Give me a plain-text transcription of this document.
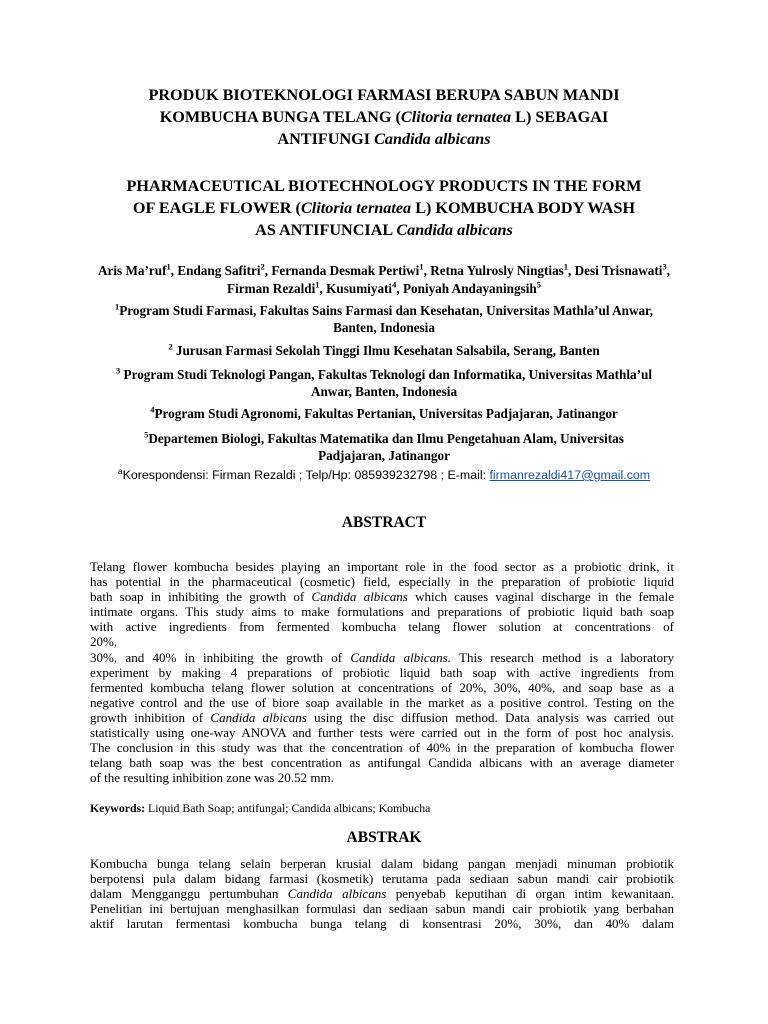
PRODUK BIOTEKNOLOGI FARMASI BERUPA SABUN MANDI
KOMBUCHA BUNGA TELANG (Clitoria ternatea L) SEBAGAI
ANTIFUNGI Candida albicans
PHARMACEUTICAL BIOTECHNOLOGY PRODUCTS IN THE FORM
OF EAGLE FLOWER (Clitoria ternatea L) KOMBUCHA BODY WASH
AS ANTIFUNCIAL Candida albicans
Aris Ma’ruf$^1$, Endang Safitri$^2$, Fernanda Desmak Pertiwi$^1$, Retna Yulrosly Ningtias$^1$, Desi Trisnawati$^3$, Firman Rezaldi$^1$, Kusumiyati$^4$, Poniyah Andayaningsih$^5$
$^1$Program Studi Farmasi, Fakultas Sains Farmasi dan Kesehatan, Universitas Mathla’ul Anwar,
Banten, Indonesia
$^2$ Jurusan Farmasi Sekolah Tinggi Ilmu Kesehatan Salsabila, Serang, Banten
$^3$ Program Studi Teknologi Pangan, Fakultas Teknologi dan Informatika, Universitas Mathla’ul
Anwar, Banten, Indonesia
$^4$Program Studi Agronomi, Fakultas Pertanian, Universitas Padjajaran, Jatinangor
$^5$Departemen Biologi, Fakultas Matematika dan Ilmu Pengetahuan Alam, Universitas
Padjajaran, Jatinangor
$^a$Korespondensi: Firman Rezaldi ; Telp/Hp: 085939232798 ; E-mail: firmanrezaldi417@gmail.com
ABSTRACT
Telang flower kombucha besides playing an important role in the food sector as a probiotic drink, it
has potential in the pharmaceutical (cosmetic) field, especially in the preparation of probiotic liquid
bath soap in inhibiting the growth of Candida albicans which causes vaginal discharge in the female
intimate organs. This study aims to make formulations and preparations of probiotic liquid bath soap
with active ingredients from fermented kombucha telang flower solution at concentrations of
20%,
30%, and 40% in inhibiting the growth of Candida albicans. This research method is a laboratory
experiment by making 4 preparations of probiotic liquid bath soap with active ingredients from
fermented kombucha telang flower solution at concentrations of 20%, 30%, 40%, and soap base as a
negative control and the use of biore soap available in the market as a positive control. Testing on the
growth inhibition of Candida albicans using the disc diffusion method. Data analysis was carried out
statistically using one-way ANOVA and further tests were carried out in the form of post hoc analysis.
The conclusion in this study was that the concentration of 40% in the preparation of kombucha flower
telang bath soap was the best concentration as antifungal Candida albicans with an average diameter
of the resulting inhibition zone was 20.52 mm.
Keywords: Liquid Bath Soap; antifungal; Candida albicans; Kombucha
ABSTRAK
Kombucha bunga telang selain berperan krusial dalam bidang pangan menjadi minuman probiotik
berpotensi pula dalam bidang farmasi (kosmetik) terutama pada sediaan sabun mandi cair probiotik
dalam Mengganggu pertumbuhan Candida albicans penyebab keputihan di organ intim kewanitaan.
Penelitian ini bertujuan menghasilkan formulasi dan sediaan sabun mandi cair probiotik yang berbahan
aktif larutan fermentasi kombucha bunga telang di konsentrasi 20%, 30%, dan 40% dalam
